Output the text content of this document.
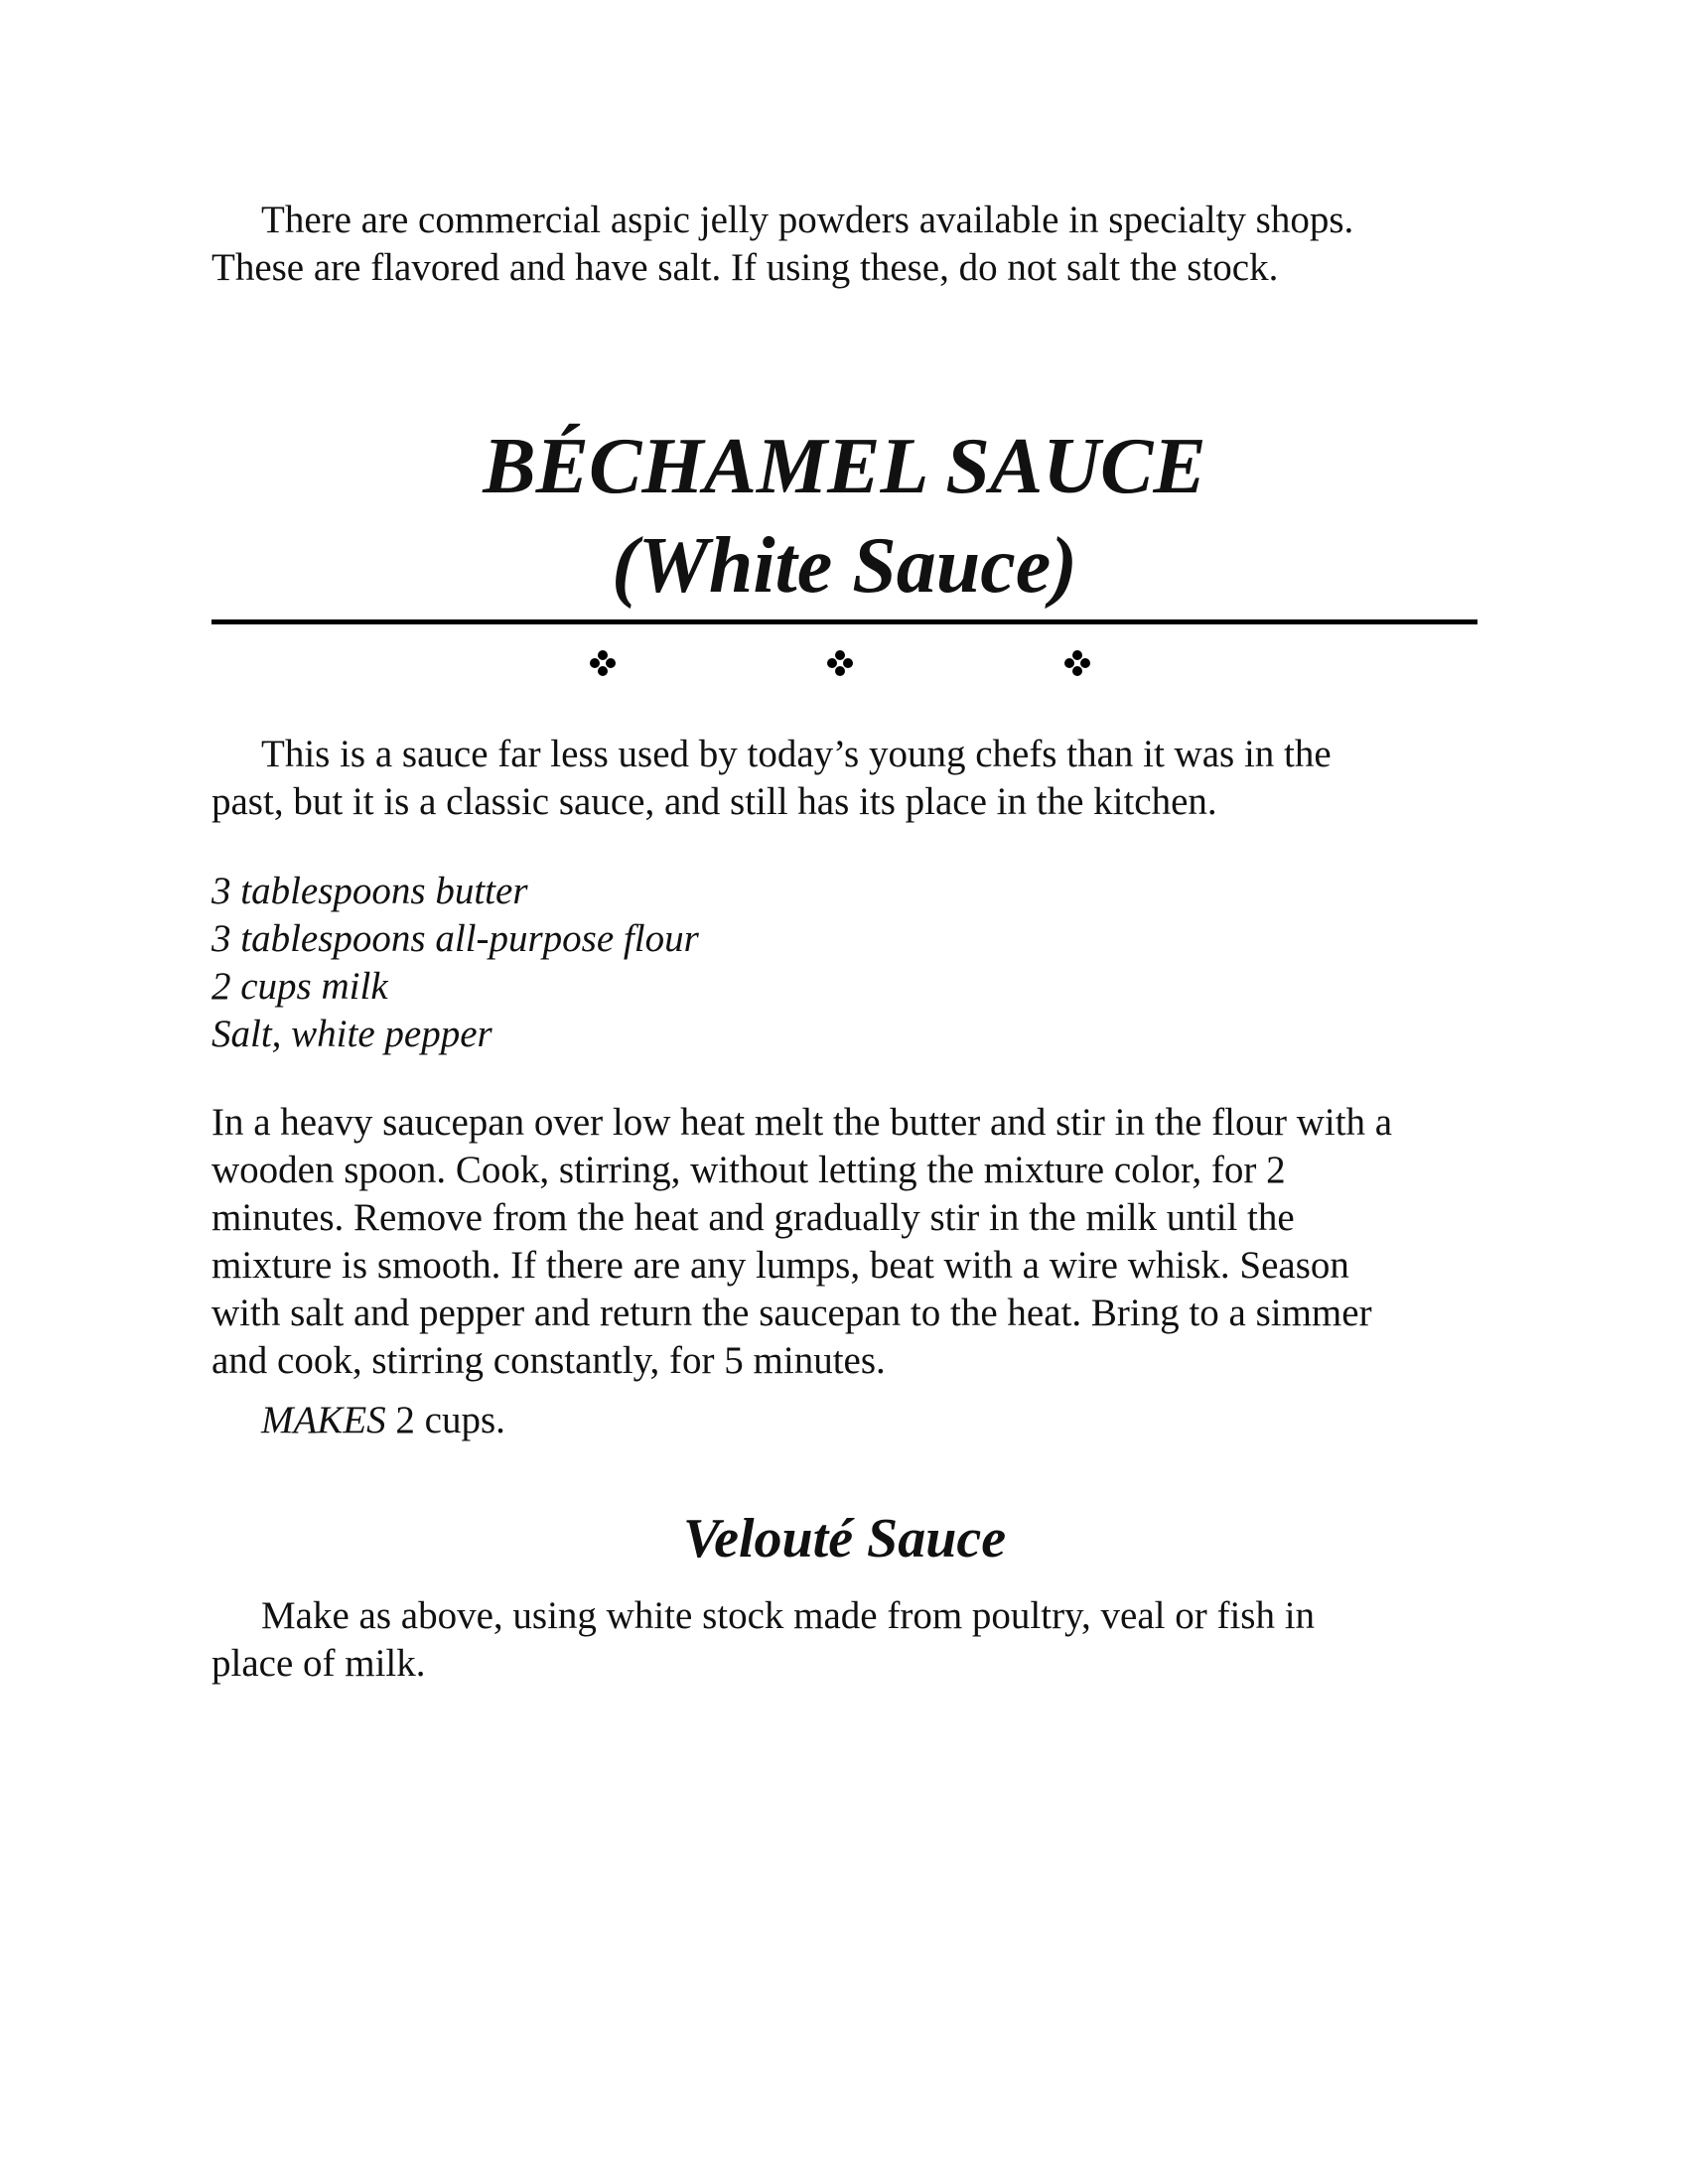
There are commercial aspic jelly powders available in specialty shops.
These are flavored and have salt. If using these, do not salt the stock.

BÉCHAMEL SAUCE
(White Sauce)

This is a sauce far less used by today’s young chefs than it was in the
past, but it is a classic sauce, and still has its place in the kitchen.

3 tablespoons butter
3 tablespoons all-purpose flour
2 cups milk
Salt, white pepper

In a heavy saucepan over low heat melt the butter and stir in the flour with a
wooden spoon. Cook, stirring, without letting the mixture color, for 2
minutes. Remove from the heat and gradually stir in the milk until the
mixture is smooth. If there are any lumps, beat with a wire whisk. Season
with salt and pepper and return the saucepan to the heat. Bring to a simmer
and cook, stirring constantly, for 5 minutes.

MAKES 2 cups.

Velouté Sauce

Make as above, using white stock made from poultry, veal or fish in
place of milk.
